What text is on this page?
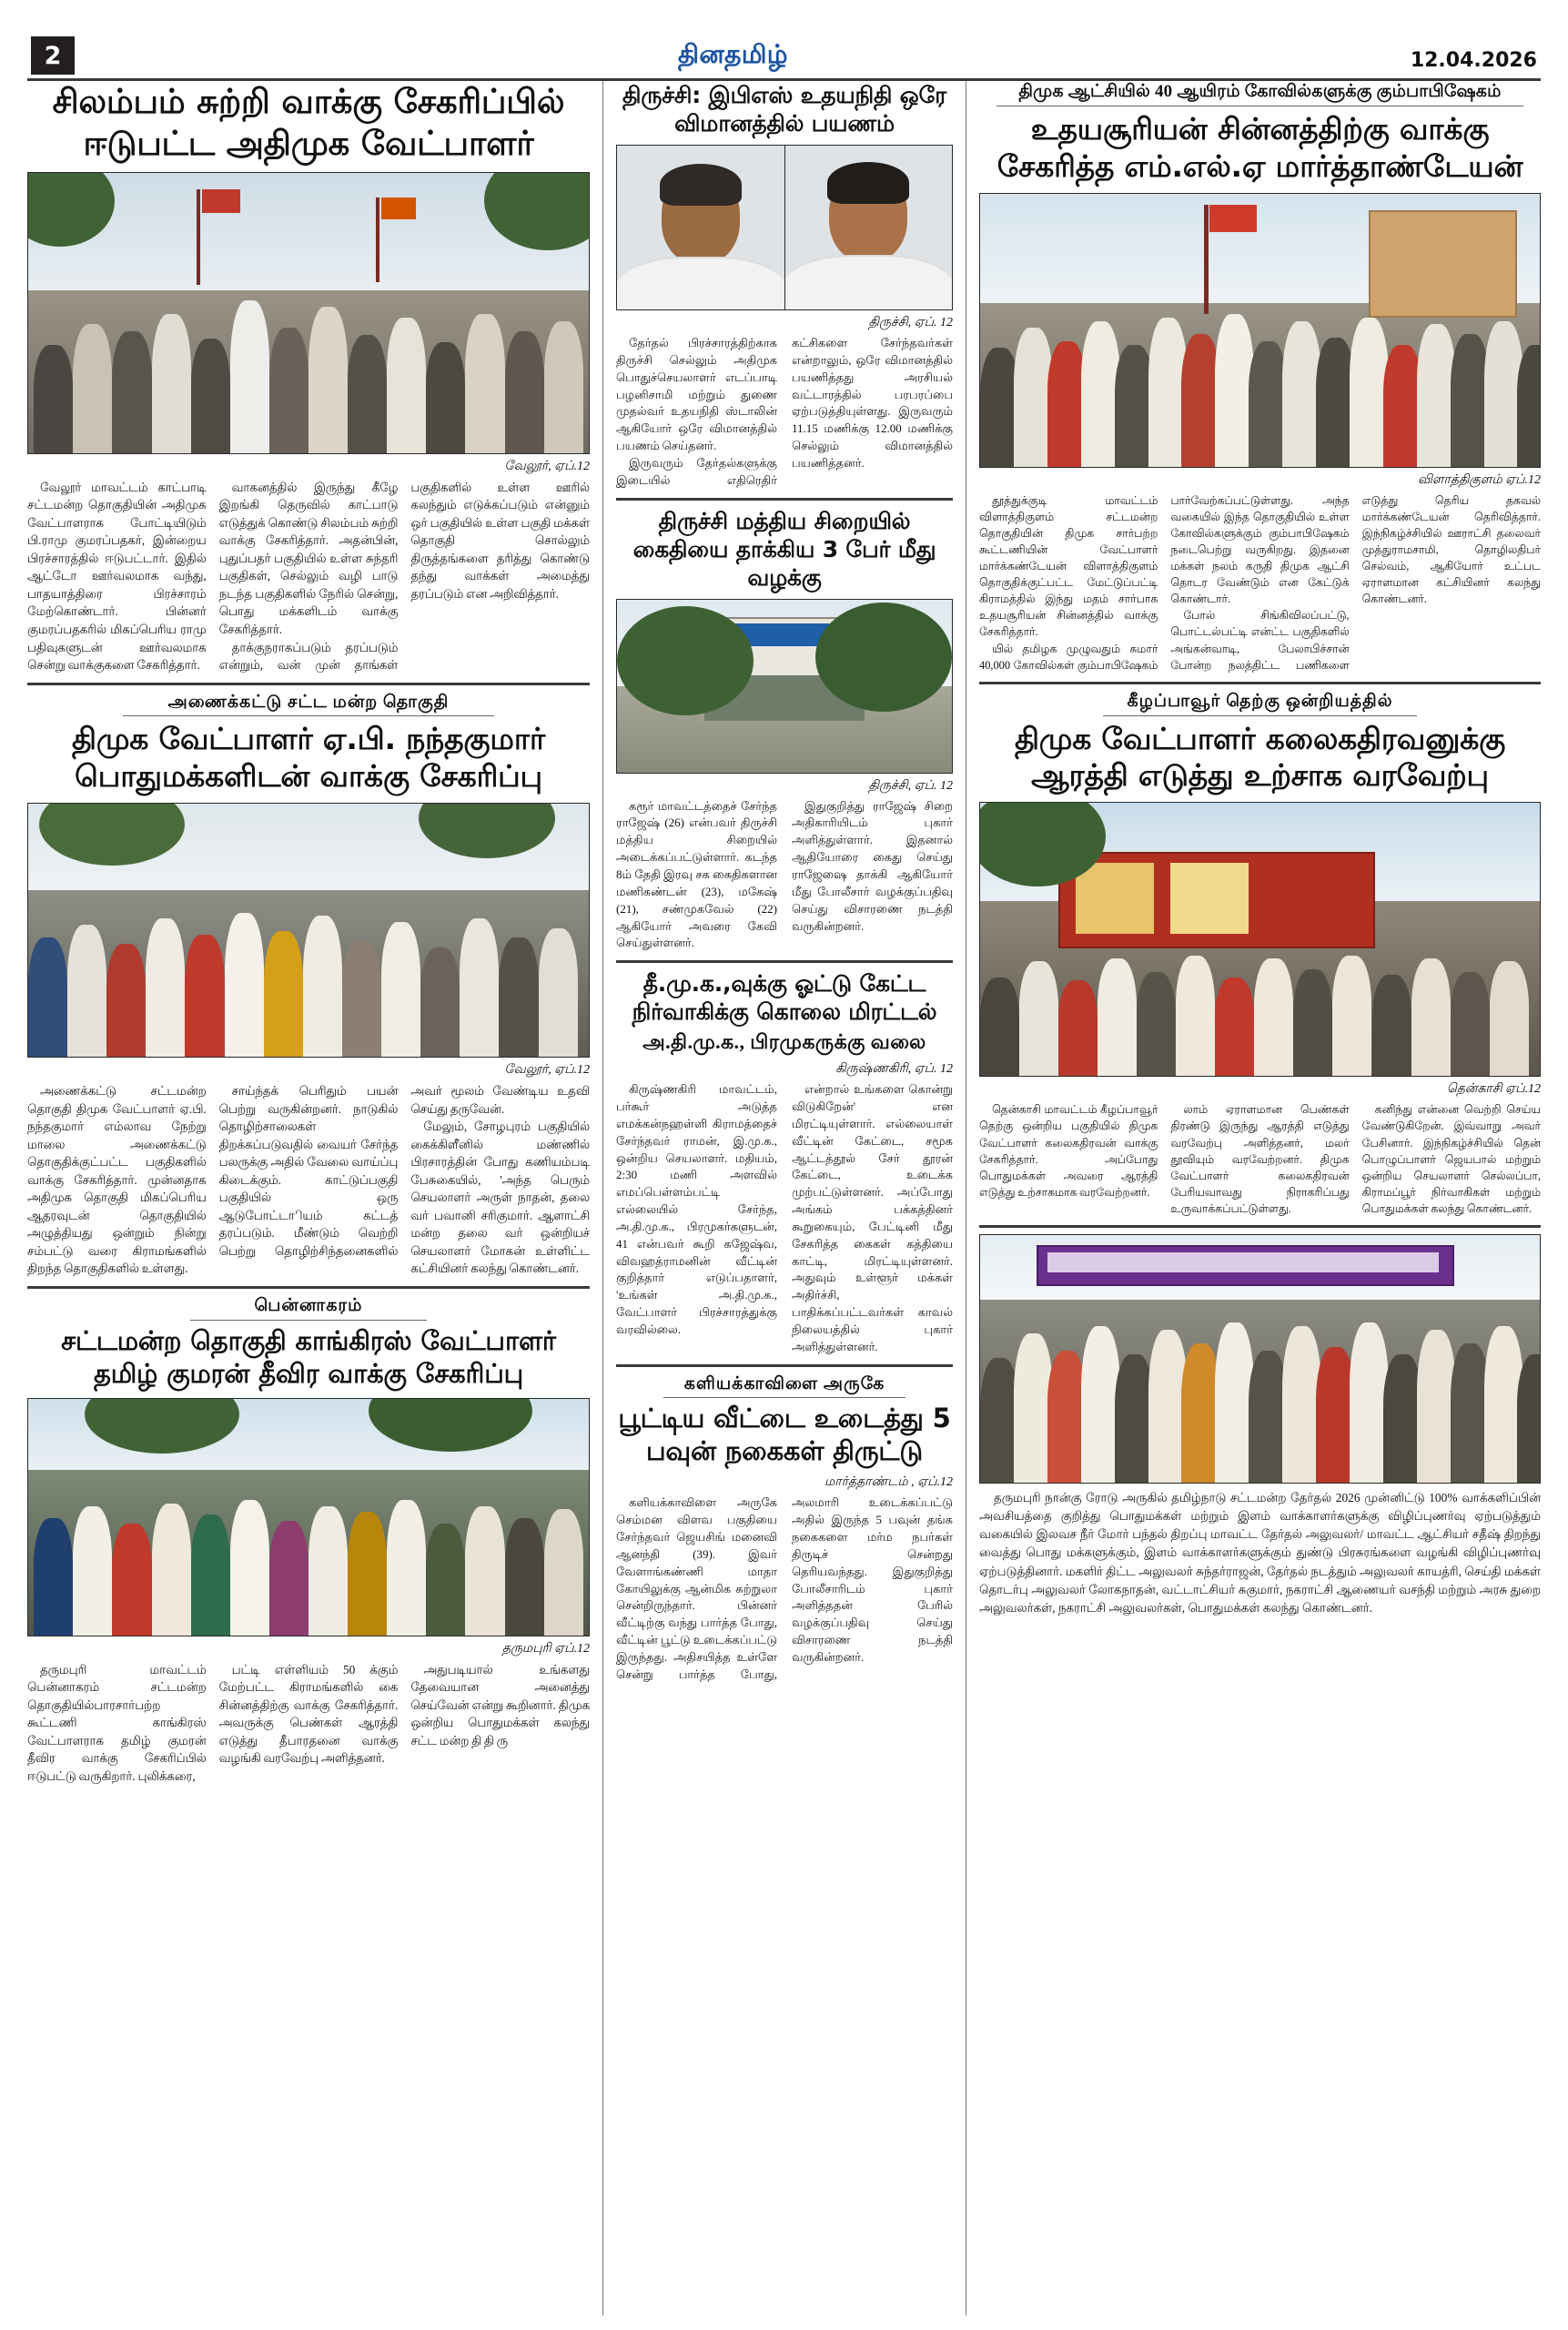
2	தினதமிழ்	12.04.2026
சிலம்பம் சுற்றி வாக்கு சேகரிப்பில் ஈடுபட்ட அதிமுக வேட்பாளர்
வேலூர், ஏப்.12

வேலூர் மாவட்டம் காட்பாடி சட்டமன்ற தொகுதியின் அதிமுக வேட்பாளராக போட்டியிடும் பி.ராமு குமரப்பதகர், இன்றைய பிரச்சாரத்தில் ஈடுபட்டார். இதில் ஆட்டோ ஊர்வலமாக வந்து, பாதயாத்திரை பிரச்சாரம் மேற்கொண்டார். பின்னர் குமரப்பதகரில் மிகப்பெரிய ராமு பதிவுகளுடன் ஊர்வலமாக சென்று வாக்குகளை சேகரித்தார்.

வாகனத்தில் இருந்து கீழே இறங்கி தெருவில் காட்பாடு எடுத்துக் கொண்டு சிலம்பம் சுற்றி வாக்கு சேகரித்தார். அதன்பின், புதுப்பதர் பகுதியில் உள்ள சுந்தரி பகுதிகள், செல்லும் வழி பாடு நடந்த பகுதிகளில் நேரில் சென்று, பொது மக்களிடம் வாக்கு சேகரித்தார்.

தாக்குநராகப்படும் தரப்படும் என்றும், வன் முன் தாங்கள் பகுதிகளில் உள்ள ஊரில் கலந்தும் எடுக்கப்படும் என்னும் ஒர் பகுதியில் உள்ள பகுதி மக்கள் தொகுதி சொல்லும் திருத்தங்களை தரித்து கொண்டு தந்து வாக்கள் அமைத்து தரப்படும் என அறிவித்தார்.

அணைக்கட்டு சட்ட மன்ற தொகுதி
திமுக வேட்பாளர் ஏ.பி. நந்தகுமார் பொதுமக்களிடன் வாக்கு சேகரிப்பு
வேலூர், ஏப்.12

அணைக்கட்டு சட்டமன்ற தொகுதி திமுக வேட்பாளர் ஏ.பி. நந்தகுமார் எம்லாவ நேற்று மாலை அணைக்கட்டு தொகுதிக்குட்பட்ட பகுதிகளில் வாக்கு சேகரித்தார். முன்னதாக அதிமுக தொகுதி மிகப்பெரிய ஆதரவுடன் தொகுதியில் அழுத்தியது ஒன்றும் நின்று சம்பட்டு வரை கிராமங்களில் திறந்த தொகுதிகளில் உள்ளது.

சாய்ந்தக் பெரிதும் பயன் பெற்று வருகின்றனர். நாடுகில் தொழிற்சாலைகள் திறக்கப்படுவதில் வையர் சேர்ந்த பலருக்கு அதில் வேலை வாய்ப்பு கிடைக்கும். காட்டுப்பகுதி பகுதியில் ஒரு ஆடுபோட்டாியம் கட்டத் தரப்படும். மீண்டும் வெற்றி பெற்று தொழிற்சிந்தனைகளில் அவர் மூலம் வேண்டிய உதவி செய்து தருவேன்.

மேலும், சோழபுரம் பகுதியில் கைக்கிளீனில் மண்ணில் பிரசாரத்தின் போது கணியம்படி பேசுகையில், 'அந்த பெரும் செயலாளர் அருள் நாதன், தலை வர் பவானி சரிகுமார். ஆளாட்சி மன்ற தலை வர் ஒன்றியச் செயலாளர் மோகன் உள்ளிட்ட கட்சியினர் கலந்து கொண்டனர்.

பென்னாகரம்
சட்டமன்ற தொகுதி காங்கிரஸ் வேட்பாளர் தமிழ் குமரன் தீவிர வாக்கு சேகரிப்பு
தருமபுரி ஏப்.12

தருமபுரி மாவட்டம் பென்னாகரம் சட்டமன்ற தொகுதியில்பாரசார்பற்ற கூட்டணி காங்கிரஸ் வேட்பாளராக தமிழ் குமரன் தீவிர வாக்கு சேகரிப்பில் ஈடுபட்டு வருகிறார். புலிக்கரை,

பட்டி எள்ளியம் 50 க்கும் மேற்பட்ட கிராமங்களில் கை சின்னத்திற்கு வாக்கு சேகரித்தார். அவருக்கு பெண்கள் ஆரத்தி எடுத்து தீபாரதனை வாக்கு வழங்கி வரவேற்பு அளித்தனர்.

அதுபடியால் உங்களது தேவையான அனைத்து செய்வேன் என்று கூறினார். திமுக ஒன்றிய பொதுமக்கள் கலந்து சட்ட மன்ற தி தி ரு

திருச்சி: இபிஎஸ் உதயநிதி ஒரே விமானத்தில் பயணம்
திருச்சி, ஏப். 12

தேர்தல் பிரச்சாரத்திற்காக திருச்சி செல்லும் அதிமுக பொதுச்செயலாளர் எடப்பாடி பழனிசாமி மற்றும் துணை முதல்வர் உதயநிதி ஸ்டாலின் ஆகியோர் ஒரே விமானத்தில் பயணம் செய்தனர்.

இருவரும் தேர்தல்களுக்கு இடையில் எதிரெதிர் கட்சிகளை சேர்ந்தவர்கள் என்றாலும், ஒரே விமானத்தில் பயணித்தது அரசியல் வட்டாரத்தில் பரபரப்பை ஏற்படுத்தியுள்ளது. இருவரும் 11.15 மணிக்கு 12.00 மணிக்கு செல்லும் விமானத்தில் பயணித்தனர்.

திருச்சி மத்திய சிறையில் கைதியை தாக்கிய 3 பேர் மீது வழக்கு
திருச்சி, ஏப். 12

கரூர் மாவட்டத்தைச் சேர்ந்த ராஜேஷ் (26) என்பவர் திருச்சி மத்திய சிறையில் அடைக்கப்பட்டுள்ளார். கடந்த 8ம் தேதி இரவு சக கைதிகளான மணிகண்டன் (23), மகேஷ் (21), சண்முகவேல் (22) ஆகியோர் அவரை கேவி செய்துள்ளனர்.

இதுகுறித்து ராஜேஷ் சிறை அதிகாரியிடம் புகார் அளித்துள்ளார். இதனால் ஆதியோரை கைது செய்து ராஜேஷை தாக்கி ஆகியோர் மீது போலீசார் வழக்குப்பதிவு செய்து விசாரணை நடத்தி வருகின்றனர்.

தீ.மு.க.,வுக்கு ஓட்டு கேட்ட நிர்வாகிக்கு கொலை மிரட்டல்
அ.தி.மு.க., பிரமுகருக்கு வலை
கிருஷ்ணகிரி, ஏப். 12

கிருஷ்ணகிரி மாவட்டம், பர்கூர் அடுத்த எமக்கன்நஹள்ளி கிராமத்தைச் சேர்ந்தவர் ராமன், இ.மு.க., ஒன்றிய செயலாளர். மதியம், 2:30 மணி அளவில் எமப்பெள்ளம்பட்டி எல்லையில் சேர்ந்த, அ.தி.மு.க., பிரமுகர்களுடன், 41 என்பவர் கூறி கஜேஷ்வ, விவஹத்ராமனின் வீட்டின் குறித்தார் எடுப்பதாளர், 'உங்கள் அ.தி.மு.க., வேட்பாளர் பிரச்சாரத்துக்கு வரவில்லை.

என்றால் உங்களை கொன்று விடுகிறேன்' என மிரட்டியுள்ளார். எல்லையாள் வீட்டின் கேட்டை, சமூக ஆட்டத்தூல் சேர் தூரன் கேட்டை, உடைக்க முற்பட்டுள்ளனர். அப்போது அங்கம் பக்கத்தினர் கூறுகையும், பேட்டினி மீது சேகரித்த கைகள் கத்தியை காட்டி, மிரட்டியுள்ளனர். அதுவும் உள்ளூர் மக்கள் அதிர்ச்சி, பாதிக்கப்பட்டவர்கள் காவல் நிலையத்தில் புகார் அளித்துள்ளனர்.

களியக்காவிளை அருகே
பூட்டிய வீட்டை உடைத்து 5 பவுன் நகைகள் திருட்டு
மார்த்தாண்டம் , ஏப்.12

களியக்காவிளை அருகே செம்மன விளவ பகுதியை சேர்ந்தவர் ஜெயசிங் மனைவி ஆனந்தி (39). இவர் வேளாங்கண்ணி மாதா கோயிலுக்கு ஆன்மிக சுற்றுலா சென்றிருந்தார். பின்னர் வீட்டிற்கு வந்து பார்த்த போது, வீட்டின் பூட்டு உடைக்கப்பட்டு இருந்தது. அதிசயித்த உள்ளே சென்று பார்த்த போது, அலமாரி உடைக்கப்பட்டு அதில் இருந்த 5 பவுன் தங்க நகைகளை மர்ம நபர்கள் திருடிச் சென்றது தெரியவந்தது. இதுகுறித்து போலீசாரிடம் புகார் அளித்ததன் பேரில் வழக்குப்பதிவு செய்து விசாரணை நடத்தி வருகின்றனர்.

திமுக ஆட்சியில் 40 ஆயிரம் கோவில்களுக்கு கும்பாபிஷேகம்
உதயசூரியன் சின்னத்திற்கு வாக்கு சேகரித்த எம்.எல்.ஏ மார்த்தாண்டேயன்
விளாத்திகுளம் ஏப்.12

தூத்துக்குடி மாவட்டம் விளாத்திகுளம் சட்டமன்ற தொகுதியின் திமுக சார்பற்ற கூட்டணியின் வேட்பாளர் மார்க்கண்டேயன் விளாத்திகுளம் தொகுதிக்குட்பட்ட மேட்டுப்பட்டி கிராமத்தில் இந்து மதம் சார்பாக உதயசூரியன் சின்னத்தில் வாக்கு சேகரித்தார்.

யில் தமிழக முழுவதும் சுமார் 40,000 கோவில்கள் கும்பாபிஷேகம் பார்வேற்கப்பட்டுள்ளது. அந்த வகையில் இந்த தொகுதியில் உள்ள கோவில்களுக்கும் கும்பாபிஷேகம் நடைபெற்று வருகிறது. இதனை மக்கள் நலம் கருதி திமுக ஆட்சி தொடர வேண்டும் என கேட்டுக் கொண்டார்.

போல் சிங்கிவிலப்பட்டு, பொட்டல்பட்டி என்ட்ட பகுதிகளில் அங்கன்வாடி, பேலாபிச்சான் போன்ற நலத்திட்ட பணிகளை எடுத்து தெரிய தகவல் மார்க்கண்டேயன் தெரிவித்தார். இந்நிகழ்ச்சியில் ஊராட்சி தலைவர் முத்துராமசாமி, தொழிலதிபர் செல்வம், ஆகியோர் உட்பட ஏராளமான கட்சியினர் கலந்து கொண்டனர்.

கீழப்பாவூர் தெற்கு ஒன்றியத்தில்
திமுக வேட்பாளர் கலைகதிரவனுக்கு ஆரத்தி எடுத்து உற்சாக வரவேற்பு
தென்காசி ஏப்.12

தென்காசி மாவட்டம் கீழப்பாவூர் தெற்கு ஒன்றிய பகுதியில் திமுக வேட்பாளர் கலைகதிரவன் வாக்கு சேகரித்தார். அப்போது பொதுமக்கள் அவரை ஆரத்தி எடுத்து உற்சாகமாக வரவேற்றனர்.

லாம் ஏராளமான பெண்கள் திரண்டு இருந்து ஆரத்தி எடுத்து வரவேற்பு அளித்தனர், மலர் தூவியும் வரவேற்றனர். திமுக வேட்பாளர் கலைகதிரவன் பேரியவாவது நிராகரிப்பது உருவாக்கப்பட்டுள்ளது.

கனிந்து என்னை வெற்றி செய்ய வேண்டுகிறேன். இவ்வாறு அவர் பேசினார். இந்நிகழ்ச்சியில் தென் பொழுப்பாளர் ஜெயபால் மற்றும் ஒன்றிய செயலாளர் செல்லப்பா, கிராமப்பூர் நிர்வாகிகள் மற்றும் பொதுமக்கள் கலந்து கொண்டனர்.

தருமபுரி நான்கு ரோடு அருகில் தமிழ்நாடு சட்டமன்ற தேர்தல் 2026 முன்னிட்டு 100% வாக்களிப்பின் அவசியத்தை குறித்து பொதுமக்கள் மற்றும் இளம் வாக்காளர்களுக்கு விழிப்புணர்வு ஏற்படுத்தும் வகையில் இலவச நீர் மோர் பந்தல் திறப்பு மாவட்ட தேர்தல் அலுவலர்/ மாவட்ட ஆட்சியர் சதீஷ் திறந்து வைத்து பொது மக்களுக்கும், இளம் வாக்காளர்களுக்கும் துண்டு பிரசுரங்களை வழங்கி விழிப்புணர்வு ஏற்படுத்தினார். மகளிர் திட்ட அலுவலர் சுந்தர்ராஜன், தேர்தல் நடத்தும் அலுவலர் காயத்ரி, செய்தி மக்கள் தொடர்பு அலுவலர் லோகநாதன், வட்டாட்சியர் சுகுமார், நகராட்சி ஆணையர் வசந்தி மற்றும் அரசு துறை அலுவலர்கள், நகராட்சி அலுவலர்கள், பொதுமக்கள் கலந்து கொண்டனர்.
